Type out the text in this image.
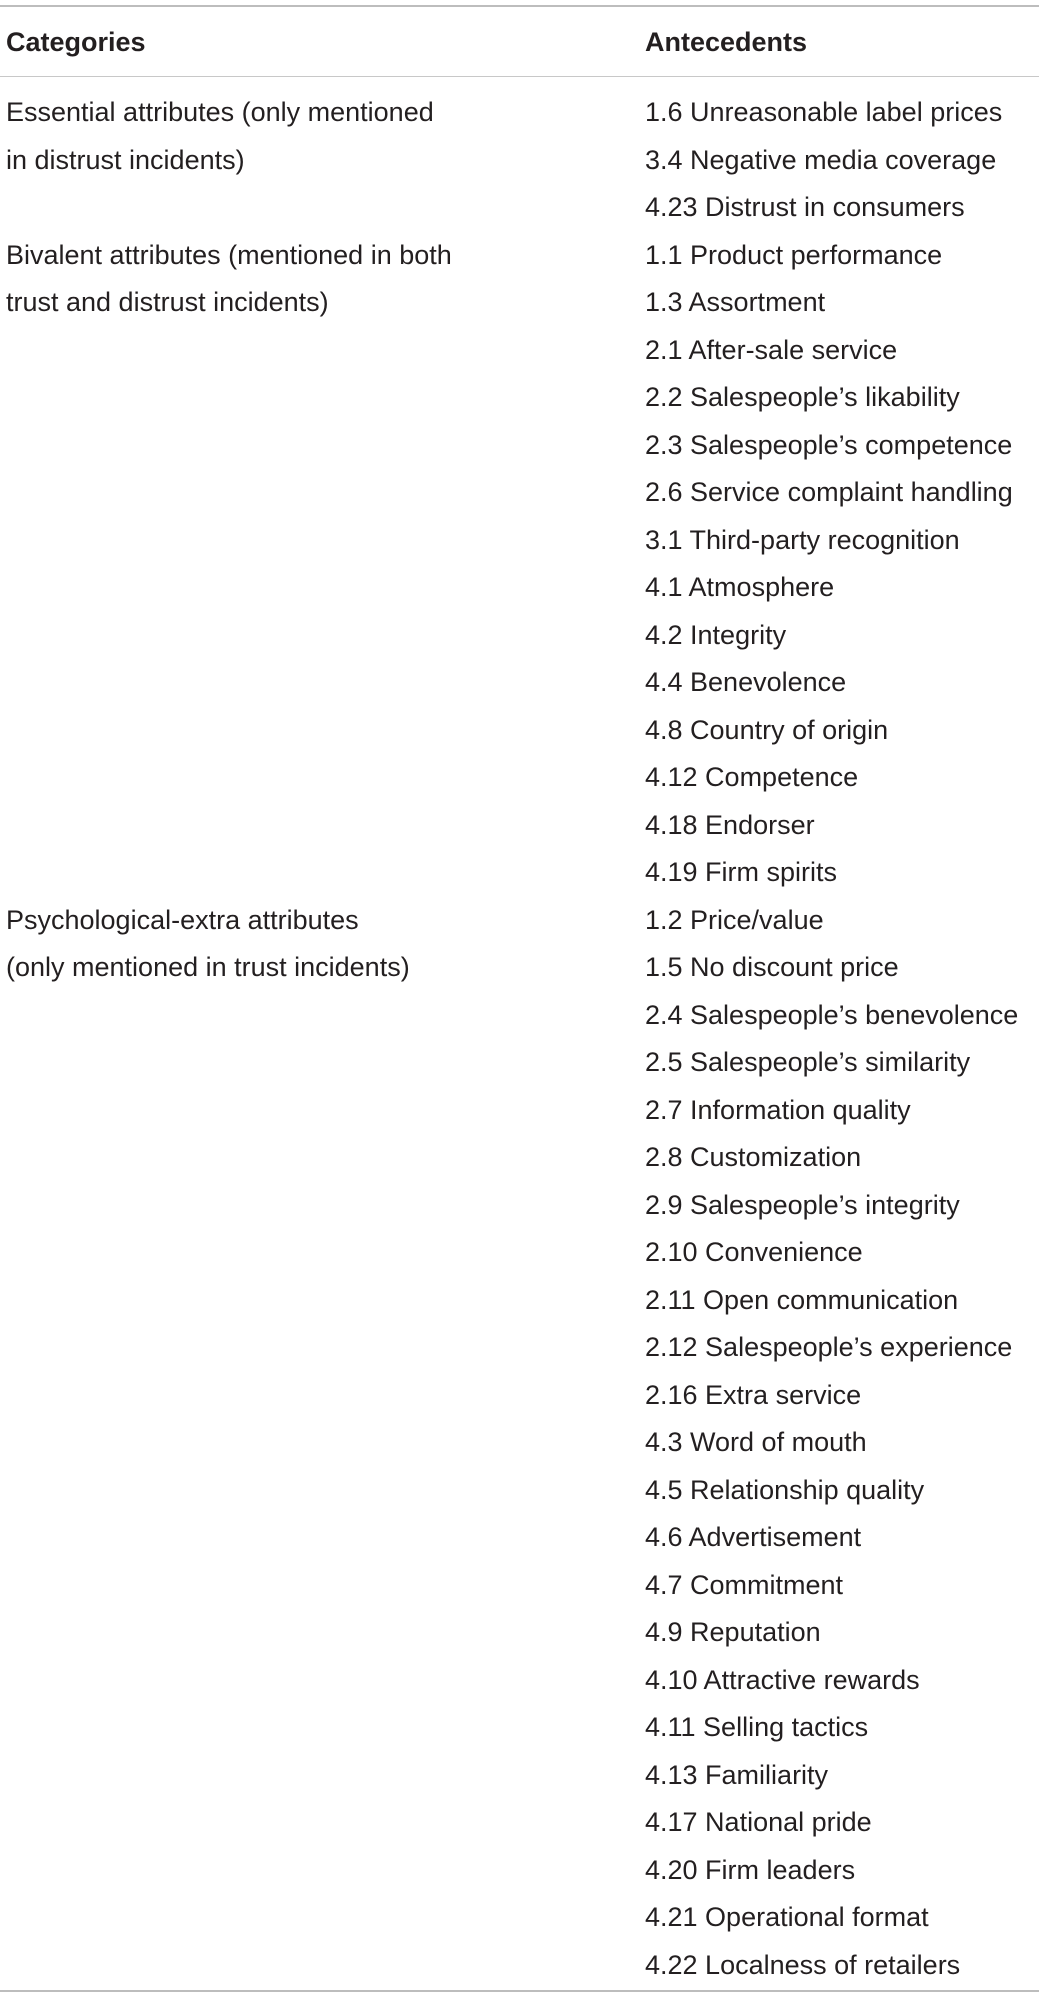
Categories	Antecedents
Essential attributes (only mentioned
in distrust incidents)
1.6 Unreasonable label prices
3.4 Negative media coverage
4.23 Distrust in consumers
Bivalent attributes (mentioned in both
trust and distrust incidents)
1.1 Product performance
1.3 Assortment
2.1 After-sale service
2.2 Salespeople’s likability
2.3 Salespeople’s competence
2.6 Service complaint handling
3.1 Third-party recognition
4.1 Atmosphere
4.2 Integrity
4.4 Benevolence
4.8 Country of origin
4.12 Competence
4.18 Endorser
4.19 Firm spirits
Psychological-extra attributes
(only mentioned in trust incidents)
1.2 Price/value
1.5 No discount price
2.4 Salespeople’s benevolence
2.5 Salespeople’s similarity
2.7 Information quality
2.8 Customization
2.9 Salespeople’s integrity
2.10 Convenience
2.11 Open communication
2.12 Salespeople’s experience
2.16 Extra service
4.3 Word of mouth
4.5 Relationship quality
4.6 Advertisement
4.7 Commitment
4.9 Reputation
4.10 Attractive rewards
4.11 Selling tactics
4.13 Familiarity
4.17 National pride
4.20 Firm leaders
4.21 Operational format
4.22 Localness of retailers
